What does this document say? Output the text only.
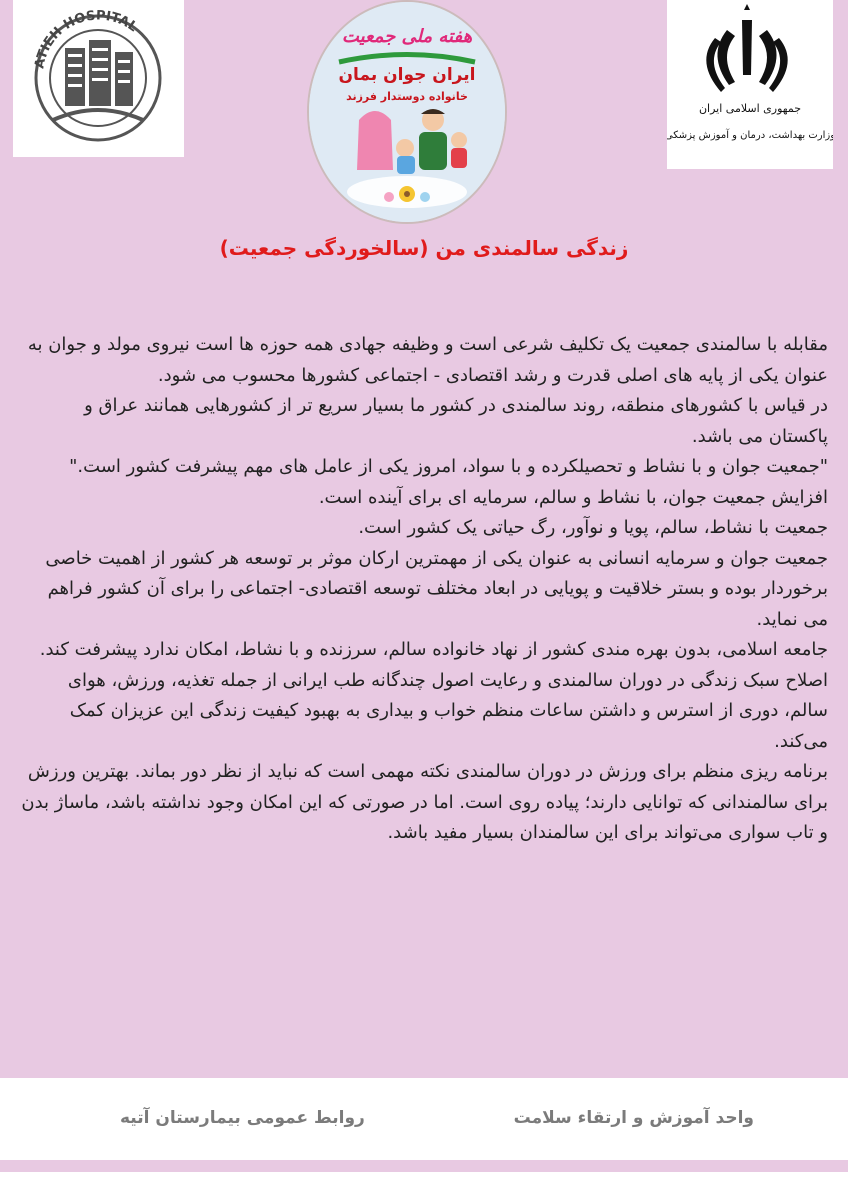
ATIEH HOSPITAL	هفته ملی جمعیت
ایران جوان بمان
خانواده دوستدار فرزند
جمهوری اسلامی ایران
وزارت بهداشت، درمان و آموزش پزشکی
زندگی سالمندی من (سالخوردگی جمعیت)

مقابله با سالمندی جمعیت یک تکلیف شرعی است و وظیفه جهادی همه حوزه ها است نیروی مولد و جوان به عنوان یکی از پایه های اصلی قدرت و رشد اقتصادی - اجتماعی کشورها محسوب می شود.

در قیاس با کشورهای منطقه، روند سالمندی در کشور ما بسیار سریع تر از کشورهایی همانند عراق و پاکستان می باشد.

"جمعیت جوان و با نشاط و تحصیلکرده و با سواد، امروز یکی از عامل های مهم پیشرفت کشور است."

افزایش جمعیت جوان، با نشاط و سالم، سرمایه ای برای آینده است.

جمعیت با نشاط، سالم، پویا و نوآور، رگ حیاتی یک کشور است.

جمعیت جوان و سرمایه انسانی به عنوان یکی از مهمترین ارکان موثر بر توسعه هر کشور از اهمیت خاصی برخوردار بوده و بستر خلاقیت و پویایی در ابعاد مختلف توسعه اقتصادی- اجتماعی را برای آن کشور فراهم می نماید.

جامعه اسلامی، بدون بهره مندی کشور از نهاد خانواده سالم، سرزنده و با نشاط، امکان ندارد پیشرفت کند.

اصلاح سبک زندگی در دوران سالمندی و رعایت اصول چندگانه طب ایرانی از جمله تغذیه، ورزش، هوای سالم، دوری از استرس و داشتن ساعات منظم خواب و بیداری به بهبود کیفیت زندگی این عزیزان کمک می‌کند.

برنامه ریزی منظم برای ورزش در دوران سالمندی نکته مهمی است که نباید از نظر دور بماند. بهترین ورزش برای سالمندانی که توانایی دارند؛ پیاده روی است. اما در صورتی که این امکان وجود نداشته باشد، ماساژ بدن و تاب سواری می‌تواند برای این سالمندان بسیار مفید باشد.

واحد آموزش و ارتقاء سلامت
روابط عمومی بیمارستان آتیه
